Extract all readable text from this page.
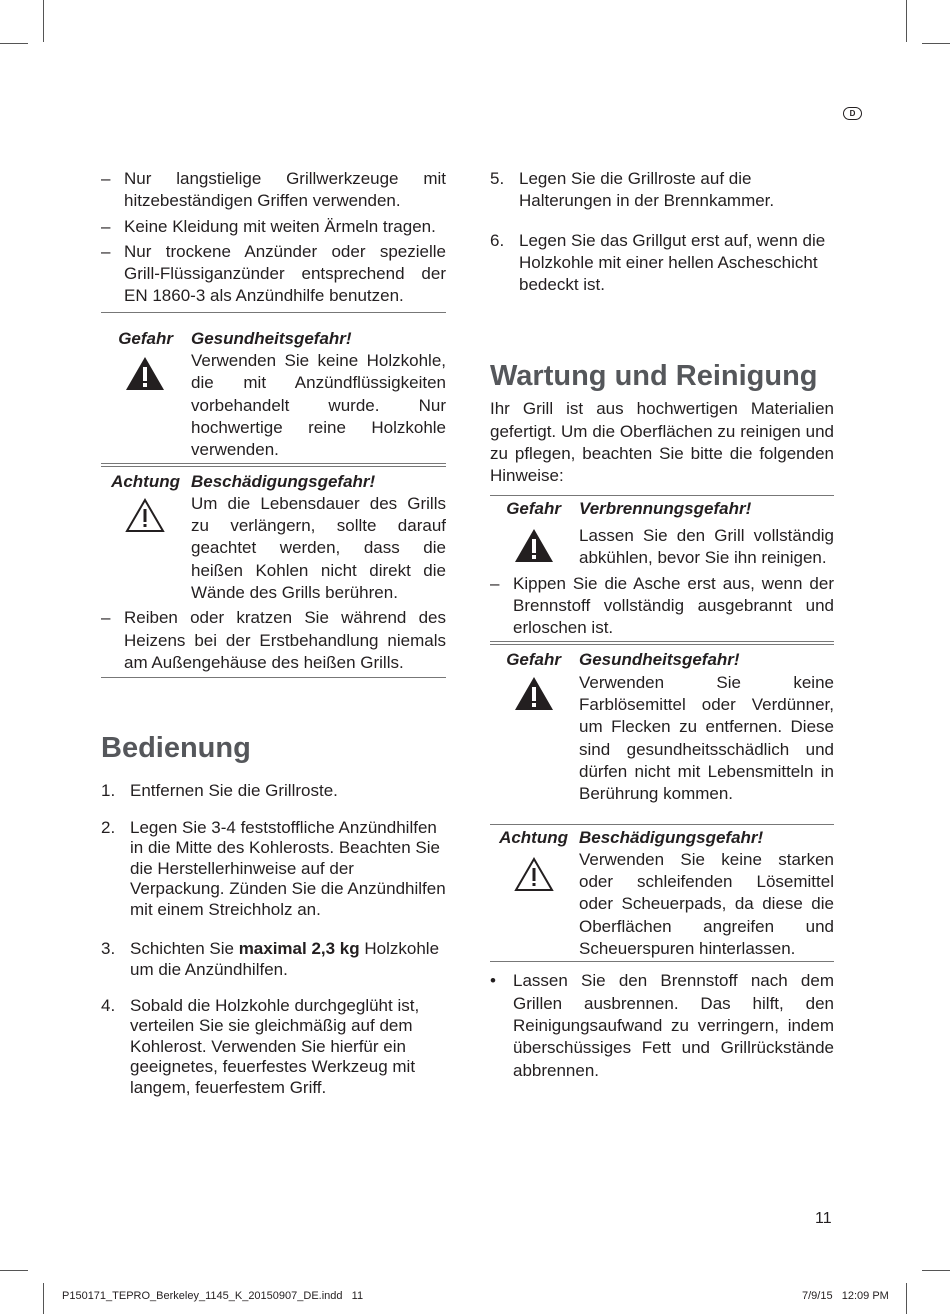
D
– Nur langstielige Grillwerkzeuge mit hitzebeständigen Griffen verwenden.
– Keine Kleidung mit weiten Ärmeln tragen.
– Nur trockene Anzünder oder spezielle Grill-Flüssiganzünder entsprechend der EN 1860-3 als Anzündhilfe benutzen.
Gefahr Gesundheitsgefahr!
Verwenden Sie keine Holzkohle, die mit Anzündflüssigkeiten vorbehandelt wurde. Nur hochwertige reine Holzkohle verwenden.
Achtung Beschädigungsgefahr!
Um die Lebensdauer des Grills zu verlängern, sollte darauf geachtet werden, dass die heißen Kohlen nicht direkt die Wände des Grills berühren.
– Reiben oder kratzen Sie während des Heizens bei der Erstbehandlung niemals am Außengehäuse des heißen Grills.
Bedienung
1. Entfernen Sie die Grillroste.
2. Legen Sie 3-4 feststoffliche Anzündhilfen in die Mitte des Kohlerosts. Beachten Sie die Herstellerhinweise auf der Verpackung. Zünden Sie die Anzündhilfen mit einem Streichholz an.
3. Schichten Sie maximal 2,3 kg Holzkohle um die Anzündhilfen.
4. Sobald die Holzkohle durchgeglüht ist, verteilen Sie sie gleichmäßig auf dem Kohlerost. Verwenden Sie hierfür ein geeignetes, feuerfestes Werkzeug mit langem, feuerfestem Griff.
5. Legen Sie die Grillroste auf die Halterungen in der Brennkammer.
6. Legen Sie das Grillgut erst auf, wenn die Holzkohle mit einer hellen Ascheschicht bedeckt ist.
Wartung und Reinigung
Ihr Grill ist aus hochwertigen Materialien gefertigt. Um die Oberflächen zu reinigen und zu pflegen, beachten Sie bitte die folgenden Hinweise:
Gefahr Verbrennungsgefahr!
Lassen Sie den Grill vollständig abkühlen, bevor Sie ihn reinigen.
– Kippen Sie die Asche erst aus, wenn der Brennstoff vollständig ausgebrannt und erloschen ist.
Gefahr Gesundheitsgefahr!
Verwenden Sie keine Farblösemittel oder Verdünner, um Flecken zu entfernen. Diese sind gesundheitsschädlich und dürfen nicht mit Lebensmitteln in Berührung kommen.
Achtung Beschädigungsgefahr!
Verwenden Sie keine starken oder schleifenden Lösemittel oder Scheuerpads, da diese die Oberflächen angreifen und Scheuerspuren hinterlassen.
• Lassen Sie den Brennstoff nach dem Grillen ausbrennen. Das hilft, den Reinigungsaufwand zu verringern, indem überschüssiges Fett und Grillrückstände abbrennen.
11
P150171_TEPRO_Berkeley_1145_K_20150907_DE.indd   11	7/9/15   12:09 PM
